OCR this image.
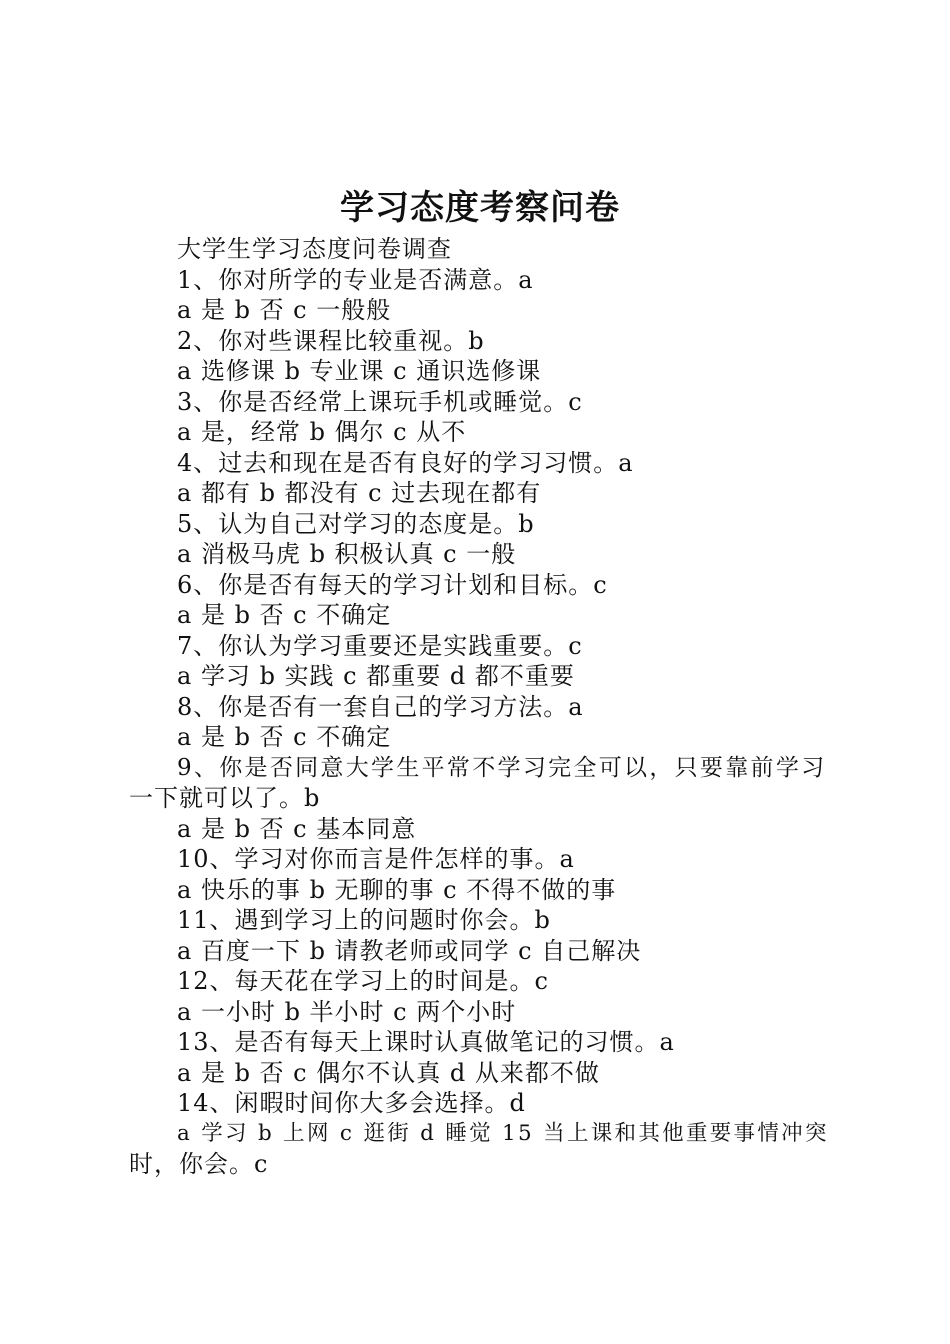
学习态度考察问卷
大学生学习态度问卷调查
1、你对所学的专业是否满意。a
a 是 b 否 c 一般般
2、你对些课程比较重视。b
a 选修课 b 专业课 c 通识选修课
3、你是否经常上课玩手机或睡觉。c
a 是，经常 b 偶尔 c 从不
4、过去和现在是否有良好的学习习惯。a
a 都有 b 都没有 c 过去现在都有
5、认为自己对学习的态度是。b
a 消极马虎 b 积极认真 c 一般
6、你是否有每天的学习计划和目标。c
a 是 b 否 c 不确定
7、你认为学习重要还是实践重要。c
a 学习 b 实践 c 都重要 d 都不重要
8、你是否有一套自己的学习方法。a
a 是 b 否 c 不确定
9、你是否同意大学生平常不学习完全可以，只要靠前学习
一下就可以了。b
a 是 b 否 c 基本同意
10、学习对你而言是件怎样的事。a
a 快乐的事 b 无聊的事 c 不得不做的事
11、遇到学习上的问题时你会。b
a 百度一下 b 请教老师或同学 c 自己解决
12、每天花在学习上的时间是。c
a 一小时 b 半小时 c 两个小时
13、是否有每天上课时认真做笔记的习惯。a
a 是 b 否 c 偶尔不认真 d 从来都不做
14、闲暇时间你大多会选择。d
a 学习 b 上网 c 逛街 d 睡觉 15 当上课和其他重要事情冲突
时，你会。c
